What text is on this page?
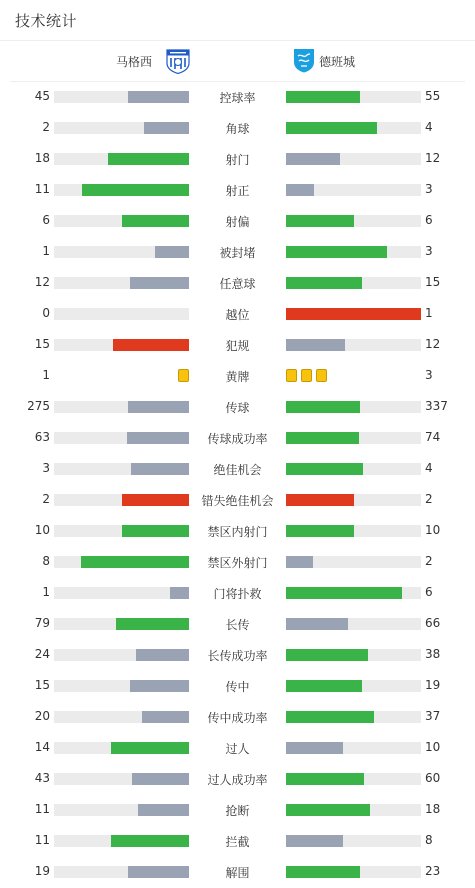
技术统计
马格西	德班城
45	控球率	55
2	角球	4
18	射门	12
11	射正	3
6	射偏	6
1	被封堵	3
12	任意球	15
0	越位	1
15	犯规	12
1	黄牌	3
275	传球	337
63	传球成功率	74
3	绝佳机会	4
2	错失绝佳机会	2
10	禁区内射门	10
8	禁区外射门	2
1	门将扑救	6
79	长传	66
24	长传成功率	38
15	传中	19
20	传中成功率	37
14	过人	10
43	过人成功率	60
11	抢断	18
11	拦截	8
19	解围	23
